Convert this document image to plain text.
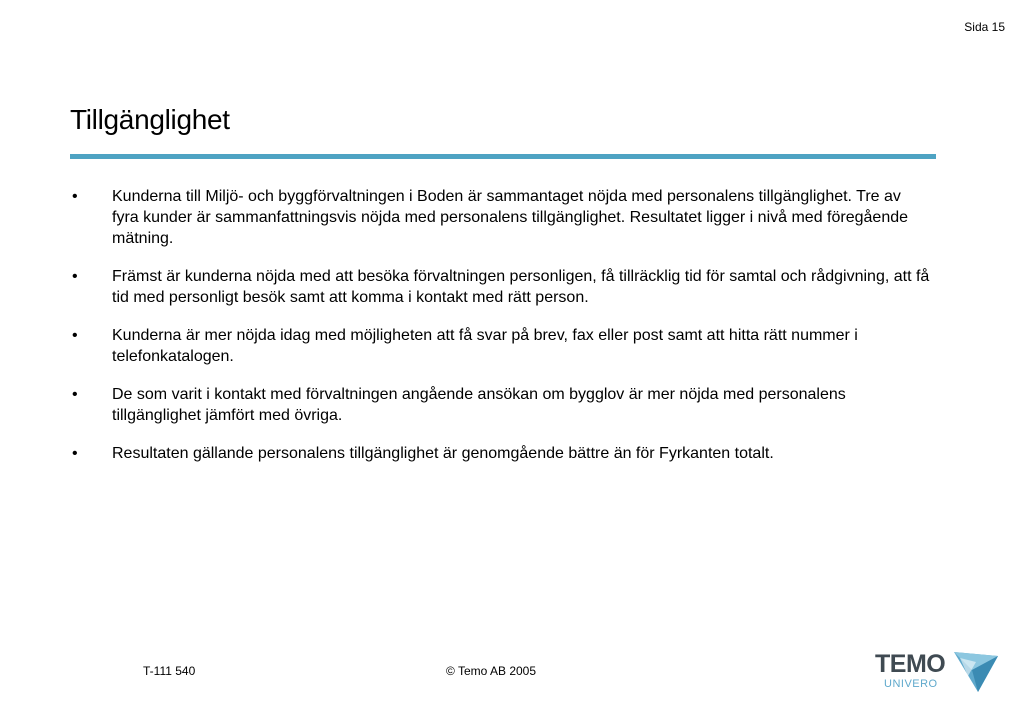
Sida 15
Tillgänglighet
• Kunderna till Miljö- och byggförvaltningen i Boden är sammantaget nöjda med personalens tillgänglighet. Tre av fyra kunder är sammanfattningsvis nöjda med personalens tillgänglighet. Resultatet ligger i nivå med föregående mätning.
• Främst är kunderna nöjda med att besöka förvaltningen personligen, få tillräcklig tid för samtal och rådgivning, att få tid med personligt besök samt att komma i kontakt med rätt person.
• Kunderna är mer nöjda idag med möjligheten att få svar på brev, fax eller post samt att hitta rätt nummer i telefonkatalogen.
• De som varit i kontakt med förvaltningen angående ansökan om bygglov är mer nöjda med personalens tillgänglighet jämfört med övriga.
• Resultaten gällande personalens tillgänglighet är genomgående bättre än för Fyrkanten totalt.
T-111 540	© Temo AB 2005	TEMO
UNIVERO
